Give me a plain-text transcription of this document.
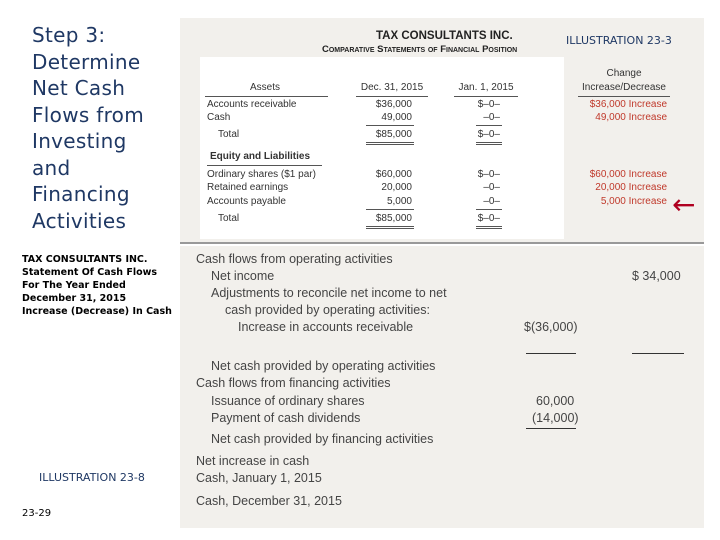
Step 3:
Determine
Net Cash
Flows from
Investing
and
Financing
Activities
TAX CONSULTANTS INC.
Statement Of Cash Flows
For The Year Ended
December 31, 2015
Increase (Decrease) In Cash
ILLUSTRATION 23-8
23-29
TAX CONSULTANTS INC.
Comparative Statements of Financial Position
ILLUSTRATION 23-3
Assets	Dec. 31, 2015	Jan. 1, 2015
Change
Increase/Decrease
Accounts receivable	$36,000	$–0–	$36,000 Increase
Cash	49,000	–0–	49,000 Increase
Total	$85,000	$–0–
Equity and Liabilities
Ordinary shares ($1 par)	$60,000	$–0–	$60,000 Increase
Retained earnings	20,000	–0–	20,000 Increase
Accounts payable	5,000	–0–	5,000 Increase
Total	$85,000	$–0–	←
Cash flows from operating activities
Net income	$ 34,000
Adjustments to reconcile net income to net
cash provided by operating activities:
Increase in accounts receivable	$(36,000)
Net cash provided by operating activities
Cash flows from financing activities
Issuance of ordinary shares	60,000
Payment of cash dividends	(14,000)
Net cash provided by financing activities
Net increase in cash
Cash, January 1, 2015
Cash, December 31, 2015
